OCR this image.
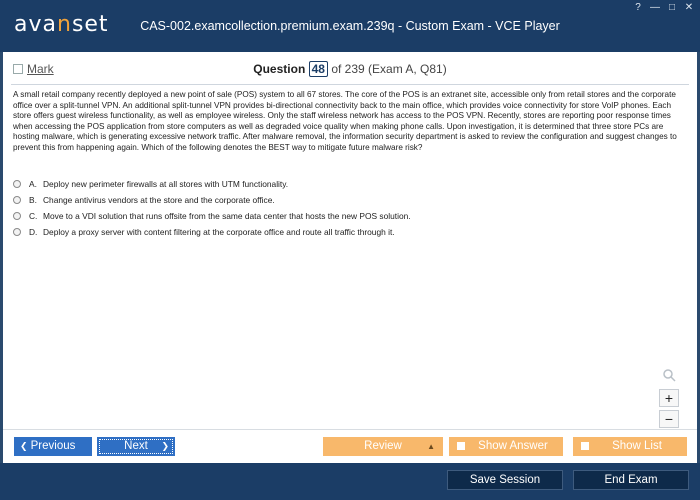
avanset	CAS-002.examcollection.premium.exam.239q - Custom Exam - VCE Player
? — □ ✕
Mark	Question 48 of 239 (Exam A, Q81)
A small retail company recently deployed a new point of sale (POS) system to all 67 stores. The core of the POS is an extranet site, accessible only from retail stores and the corporate office over a split-tunnel VPN. An additional split-tunnel VPN provides bi-directional connectivity back to the main office, which provides voice connectivity for store VoIP phones. Each store offers guest wireless functionality, as well as employee wireless. Only the staff wireless network has access to the POS VPN. Recently, stores are reporting poor response times when accessing the POS application from store computers as well as degraded voice quality when making phone calls. Upon investigation, it is determined that three store PCs are hosting malware, which is generating excessive network traffic. After malware removal, the information security department is asked to review the configuration and suggest changes to prevent this from happening again. Which of the following denotes the BEST way to mitigate future malware risk?
A. Deploy new perimeter firewalls at all stores with UTM functionality.
B. Change antivirus vendors at the store and the corporate office.
C. Move to a VDI solution that runs offsite from the same data center that hosts the new POS solution.
D. Deploy a proxy server with content filtering at the corporate office and route all traffic through it.
+
−
❮ Previous	Next ❯	Review	▲	Show Answer	Show List
Save Session	End Exam
